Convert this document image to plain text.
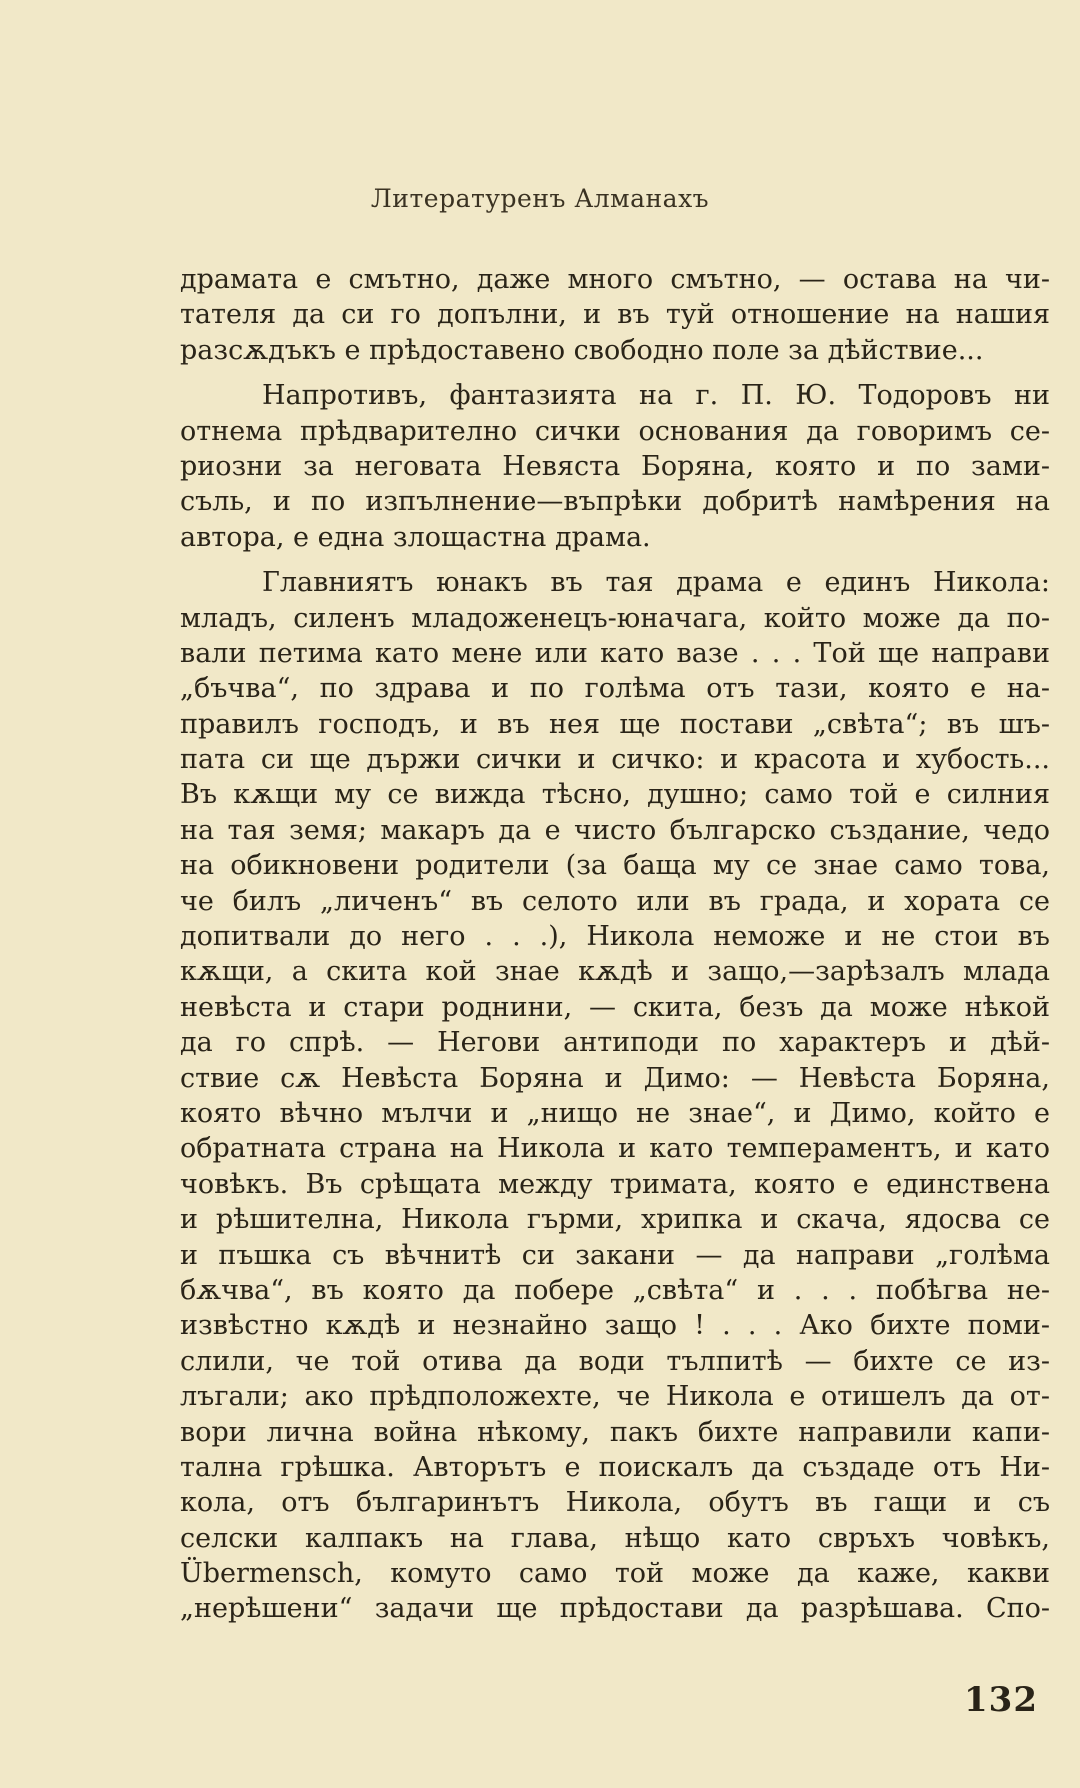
Литературенъ Алманахъ
драмата е смътно, даже много смътно, — остава на чи-
тателя да си го допълни, и въ туй отношение на нашия
разсѫдъкъ е прѣдоставено свободно поле за дѣйствие...
Напротивъ, фантазията на г. П. Ю. Тодоровъ ни
отнема прѣдварително сички основания да говоримъ се-
риозни за неговата Невяста Боряна, която и по зами-
съль, и по изпълнение—въпрѣки добритѣ намѣрения на
автора, е една злощастна драма.
Главниятъ юнакъ въ тая драма е единъ Никола:
младъ, силенъ младоженецъ-юначага, който може да по-
вали петима като мене или като вазе . . . Той ще направи
„бъчва“, по здрава и по голѣма отъ тази, която е на-
правилъ господъ, и въ нея ще постави „свѣта“; въ шъ-
пата си ще държи сички и сичко: и красота и хубость...
Въ кѫщи му се вижда тѣсно, душно; само той е силния
на тая земя; макаръ да е чисто българско създание, чедо
на обикновени родители (за баща му се знае само това,
че билъ „личенъ“ въ селото или въ града, и хората се
допитвали до него . . .), Никола неможе и не стои въ
кѫщи, а скита кой знае кѫдѣ и защо,—зарѣзалъ млада
невѣста и стари роднини, — скита, безъ да може нѣкой
да го спрѣ. — Негови антиподи по характеръ и дѣй-
ствие сѫ Невѣста Боряна и Димо: — Невѣста Боряна,
която вѣчно мълчи и „нищо не знае“, и Димо, който е
обратната страна на Никола и като темпераментъ, и като
човѣкъ. Въ срѣщата между тримата, която е единствена
и рѣшителна, Никола гърми, хрипка и скача, ядосва се
и пъшка съ вѣчнитѣ си закани — да направи „голѣма
бѫчва“, въ която да побере „свѣта“ и . . . побѣгва не-
извѣстно кѫдѣ и незнайно защо ! . . . Ако бихте поми-
слили, че той отива да води тълпитѣ — бихте се из-
лъгали; ако прѣдположехте, че Никола е отишелъ да от-
вори лична война нѣкому, пакъ бихте направили капи-
тална грѣшка. Авторътъ е поискалъ да създаде отъ Ни-
кола, отъ българинътъ Никола, обутъ въ гащи и съ
селски калпакъ на глава, нѣщо като свръхъ човѣкъ,
Übermensch, комуто само той може да каже, какви
„нерѣшени“ задачи ще прѣдостави да разрѣшава. Спо-
132
